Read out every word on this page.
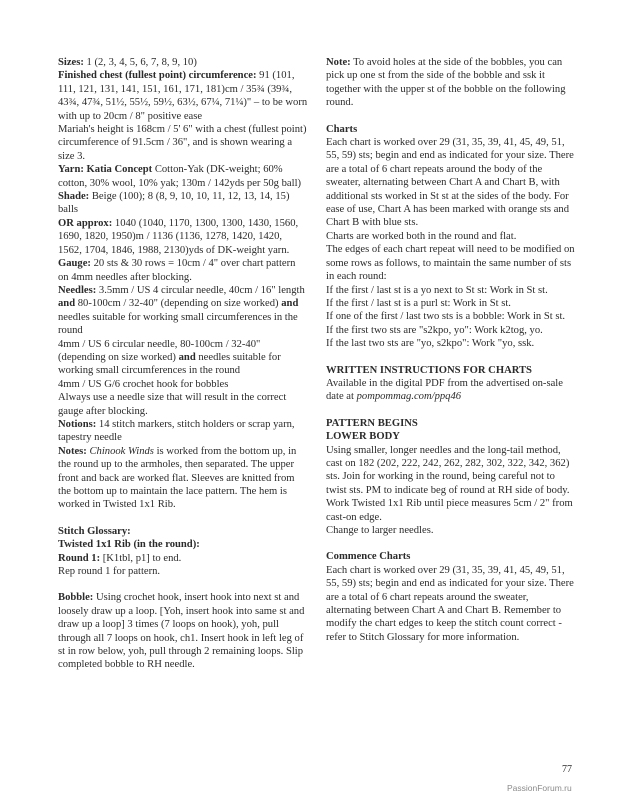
Sizes: 1 (2, 3, 4, 5, 6, 7, 8, 9, 10)

Finished chest (fullest point) circumference: 91 (101, 111, 121, 131, 141, 151, 161, 171, 181)cm / 35¾ (39¾, 43¾, 47¾, 51½, 55½, 59½, 63½, 67¼, 71¼)" – to be worn with up to 20cm / 8" positive ease

Mariah's height is 168cm / 5' 6" with a chest (fullest point) circumference of 91.5cm / 36", and is shown wearing a size 3.

Yarn: Katia Concept Cotton-Yak (DK-weight; 60% cotton, 30% wool, 10% yak; 130m / 142yds per 50g ball)

Shade: Beige (100); 8 (8, 9, 10, 10, 11, 12, 13, 14, 15) balls

OR approx: 1040 (1040, 1170, 1300, 1300, 1430, 1560, 1690, 1820, 1950)m / 1136 (1136, 1278, 1420, 1420, 1562, 1704, 1846, 1988, 2130)yds of DK-weight yarn.

Gauge: 20 sts & 30 rows = 10cm / 4" over chart pattern on 4mm needles after blocking.

Needles: 3.5mm / US 4 circular needle, 40cm / 16" length and 80-100cm / 32-40" (depending on size worked) and needles suitable for working small circumferences in the round

4mm / US 6 circular needle, 80-100cm / 32-40" (depending on size worked) and needles suitable for working small circumferences in the round

4mm / US G/6 crochet hook for bobbles

Always use a needle size that will result in the correct gauge after blocking.

Notions: 14 stitch markers, stitch holders or scrap yarn, tapestry needle

Notes: Chinook Winds is worked from the bottom up, in the round up to the armholes, then separated. The upper front and back are worked flat. Sleeves are knitted from the bottom up to maintain the lace pattern. The hem is worked in Twisted 1x1 Rib.

Stitch Glossary:

Twisted 1x1 Rib (in the round):

Round 1: [K1tbl, p1] to end.

Rep round 1 for pattern.

Bobble: Using crochet hook, insert hook into next st and loosely draw up a loop. [Yoh, insert hook into same st and draw up a loop] 3 times (7 loops on hook), yoh, pull through all 7 loops on hook, ch1. Insert hook in left leg of st in row below, yoh, pull through 2 remaining loops. Slip completed bobble to RH needle.

Note: To avoid holes at the side of the bobbles, you can pick up one st from the side of the bobble and ssk it together with the upper st of the bobble on the following round.

Charts

Each chart is worked over 29 (31, 35, 39, 41, 45, 49, 51, 55, 59) sts; begin and end as indicated for your size. There are a total of 6 chart repeats around the body of the sweater, alternating between Chart A and Chart B, with additional sts worked in St st at the sides of the body. For ease of use, Chart A has been marked with orange sts and Chart B with blue sts.

Charts are worked both in the round and flat.

The edges of each chart repeat will need to be modified on some rows as follows, to maintain the same number of sts in each round:

If the first / last st is a yo next to St st: Work in St st.

If the first / last st is a purl st: Work in St st.

If one of the first / last two sts is a bobble: Work in St st.

If the first two sts are "s2kpo, yo": Work k2tog, yo.

If the last two sts are "yo, s2kpo": Work "yo, ssk.

WRITTEN INSTRUCTIONS FOR CHARTS

Available in the digital PDF from the advertised on-sale date at pompommag.com/ppq46

PATTERN BEGINS

LOWER BODY

Using smaller, longer needles and the long-tail method, cast on 182 (202, 222, 242, 262, 282, 302, 322, 342, 362) sts. Join for working in the round, being careful not to twist sts. PM to indicate beg of round at RH side of body.

Work Twisted 1x1 Rib until piece measures 5cm / 2" from cast-on edge.

Change to larger needles.

Commence Charts

Each chart is worked over 29 (31, 35, 39, 41, 45, 49, 51, 55, 59) sts; begin and end as indicated for your size. There are a total of 6 chart repeats around the sweater, alternating between Chart A and Chart B. Remember to modify the chart edges to keep the stitch count correct - refer to Stitch Glossary for more information.

77
PassionForum.ru
